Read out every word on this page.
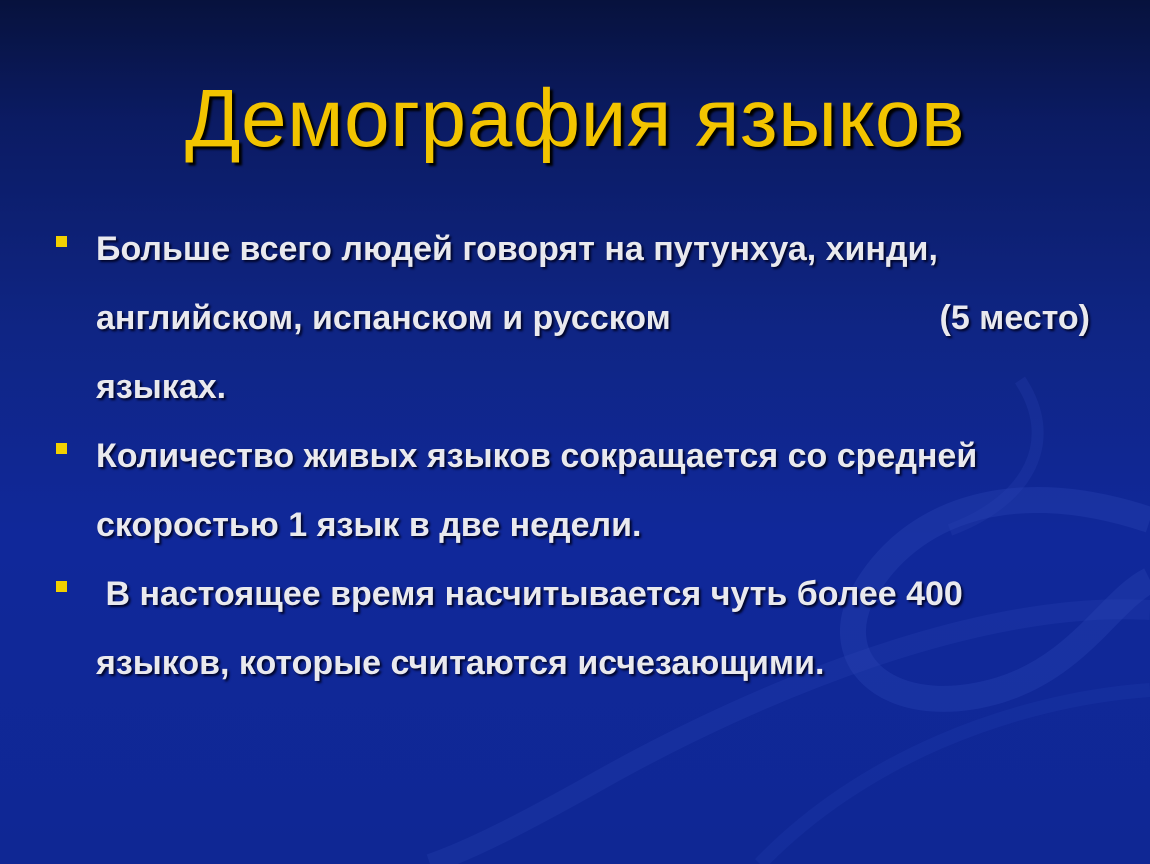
Демография языков
Больше всего людей говорят на путунхуа, хинди,
английском, испанском и русском	(5 место)
языках.
Количество живых языков сокращается со средней
скоростью 1 язык в две недели.
В настоящее время насчитывается чуть более 400
языков, которые считаются исчезающими.
